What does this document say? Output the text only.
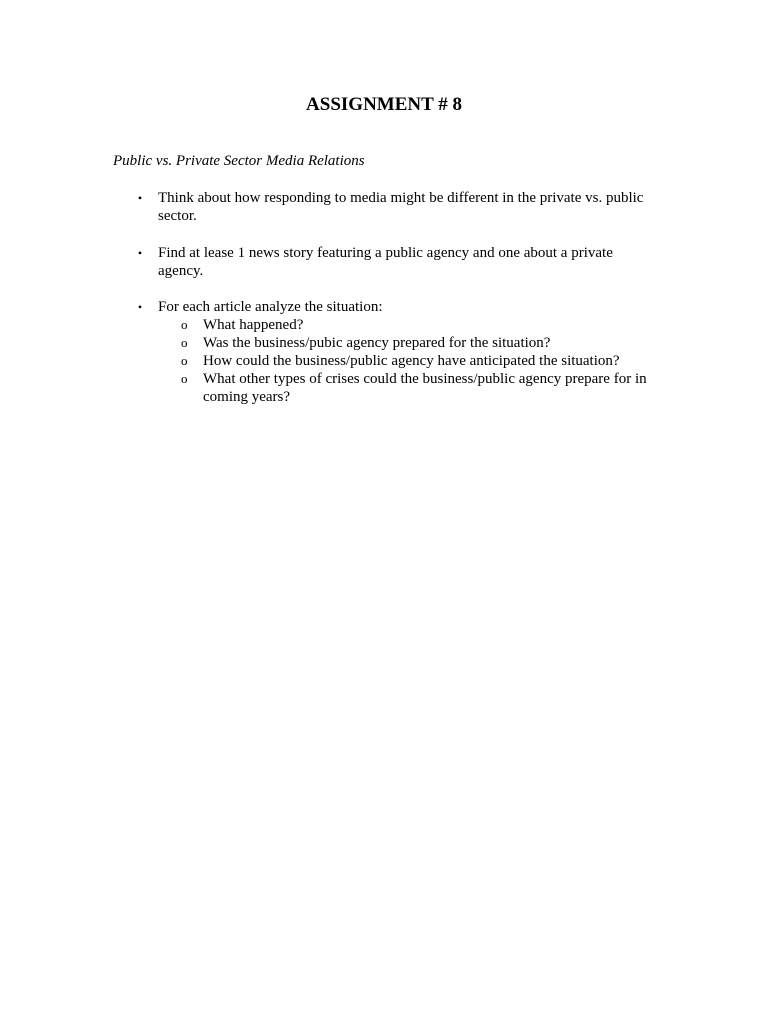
ASSIGNMENT # 8

Public vs. Private Sector Media Relations

• Think about how responding to media might be different in the private vs. public sector.
• Find at lease 1 news story featuring a public agency and one about a private agency.
• For each article analyze the situation:
o	What happened?
o	Was the business/pubic agency prepared for the situation?
o	How could the business/public agency have anticipated the situation?
o	What other types of crises could the business/public agency prepare for in coming years?
